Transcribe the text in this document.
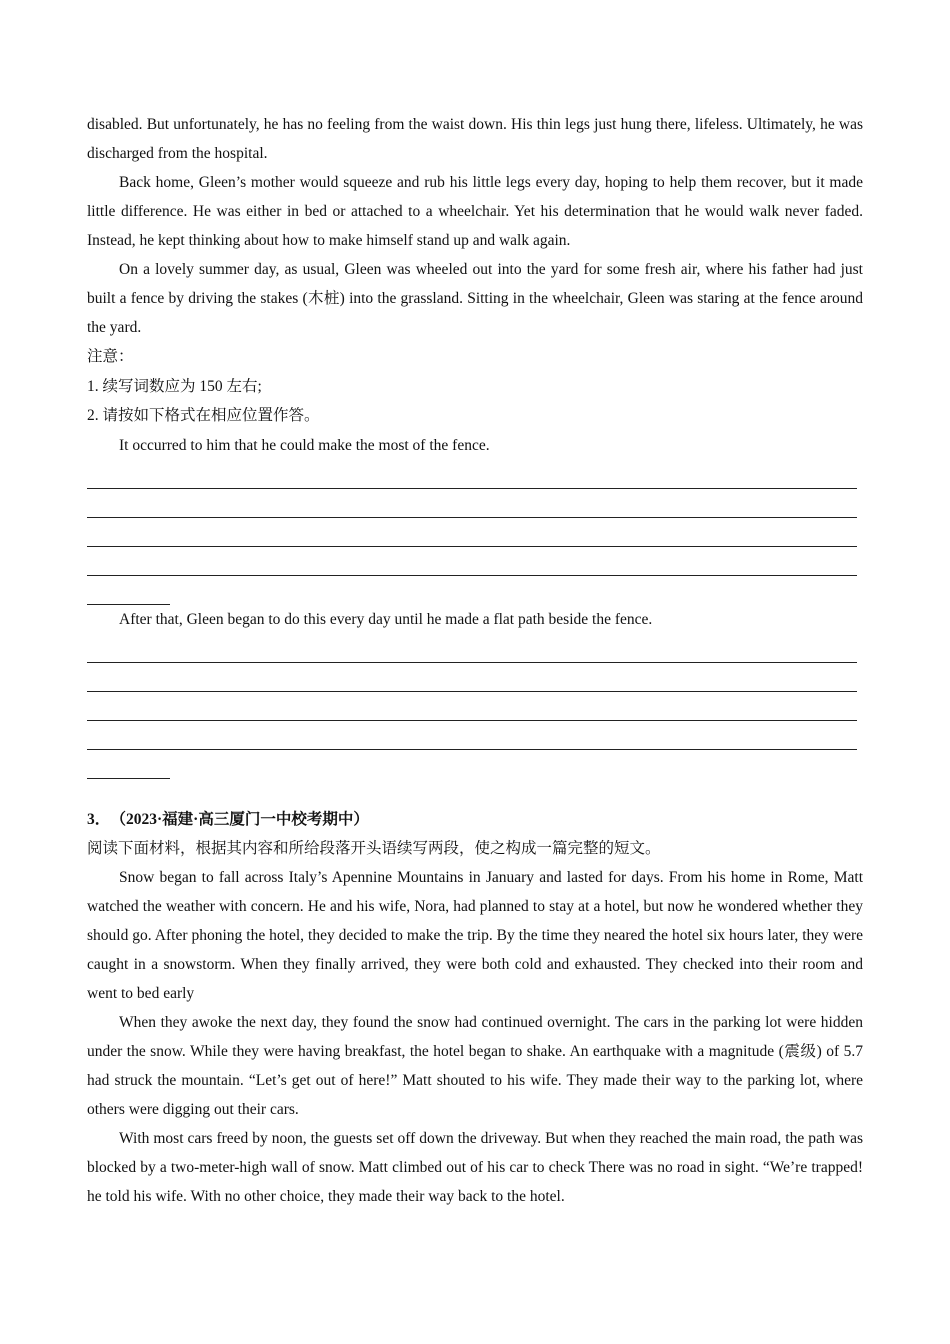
disabled. But unfortunately, he has no feeling from the waist down. His thin legs just hung there, lifeless. Ultimately, he was discharged from the hospital.

Back home, Gleen’s mother would squeeze and rub his little legs every day, hoping to help them recover, but it made little difference. He was either in bed or attached to a wheelchair. Yet his determination that he would walk never faded. Instead, he kept thinking about how to make himself stand up and walk again.

On a lovely summer day, as usual, Gleen was wheeled out into the yard for some fresh air, where his father had just built a fence by driving the stakes (木桩) into the grassland. Sitting in the wheelchair, Gleen was staring at the fence around the yard.

注意：

1. 续写词数应为 150 左右;

2. 请按如下格式在相应位置作答。

It occurred to him that he could make the most of the fence.

After that, Gleen began to do this every day until he made a flat path beside the fence.

3． （2023·福建·高三厦门一中校考期中）

阅读下面材料，根据其内容和所给段落开头语续写两段，使之构成一篇完整的短文。

Snow began to fall across Italy’s Apennine Mountains in January and lasted for days. From his home in Rome, Matt watched the weather with concern. He and his wife, Nora, had planned to stay at a hotel, but now he wondered whether they should go. After phoning the hotel, they decided to make the trip. By the time they neared the hotel six hours later, they were caught in a snowstorm. When they finally arrived, they were both cold and exhausted. They checked into their room and went to bed early

When they awoke the next day, they found the snow had continued overnight. The cars in the parking lot were hidden under the snow. While they were having breakfast, the hotel began to shake. An earthquake with a magnitude (震级) of 5.7 had struck the mountain. “Let’s get out of here!” Matt shouted to his wife. They made their way to the parking lot, where others were digging out their cars.

With most cars freed by noon, the guests set off down the driveway. But when they reached the main road, the path was blocked by a two-meter-high wall of snow. Matt climbed out of his car to check There was no road in sight. “We’re trapped! he told his wife. With no other choice, they made their way back to the hotel.
